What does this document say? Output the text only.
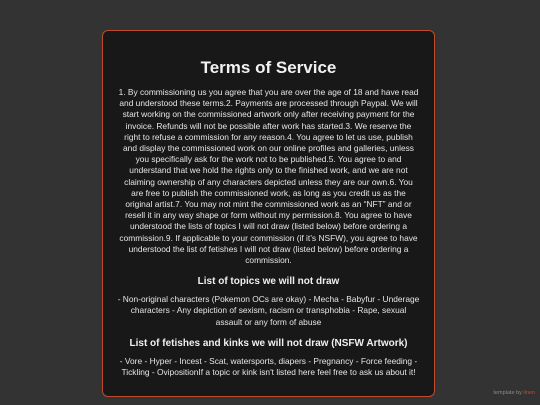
Terms of Service

1. By commissioning us you agree that you are over the age of 18 and have read and understood these terms.2. Payments are processed through Paypal. We will start working on the commissioned artwork only after receiving payment for the invoice. Refunds will not be possible after work has started.3. We reserve the right to refuse a commission for any reason.4. You agree to let us use, publish and display the commissioned work on our online profiles and galleries, unless you specifically ask for the work not to be published.5. You agree to and understand that we hold the rights only to the finished work, and we are not claiming ownership of any characters depicted unless they are our own.6. You are free to publish the commissioned work, as long as you credit us as the original artist.7. You may not mint the commissioned work as an “NFT” and or resell it in any way shape or form without my permission.8. You agree to have understood the lists of topics I will not draw (listed below) before ordering a commission.9. If applicable to your commission (if it’s NSFW), you agree to have understood the list of fetishes I will not draw (listed below) before ordering a commission.

List of topics we will not draw

- Non-original characters (Pokemon OCs are okay) - Mecha - Babyfur - Underage characters - Any depiction of sexism, racism or transphobia - Rape, sexual assault or any form of abuse

List of fetishes and kinks we will not draw (NSFW Artwork)

- Vore - Hyper - Incest - Scat, watersports, diapers - Pregnancy - Force feeding - Tickling - OvipositionIf a topic or kink isn't listed here feel free to ask us about it!

template by linen
